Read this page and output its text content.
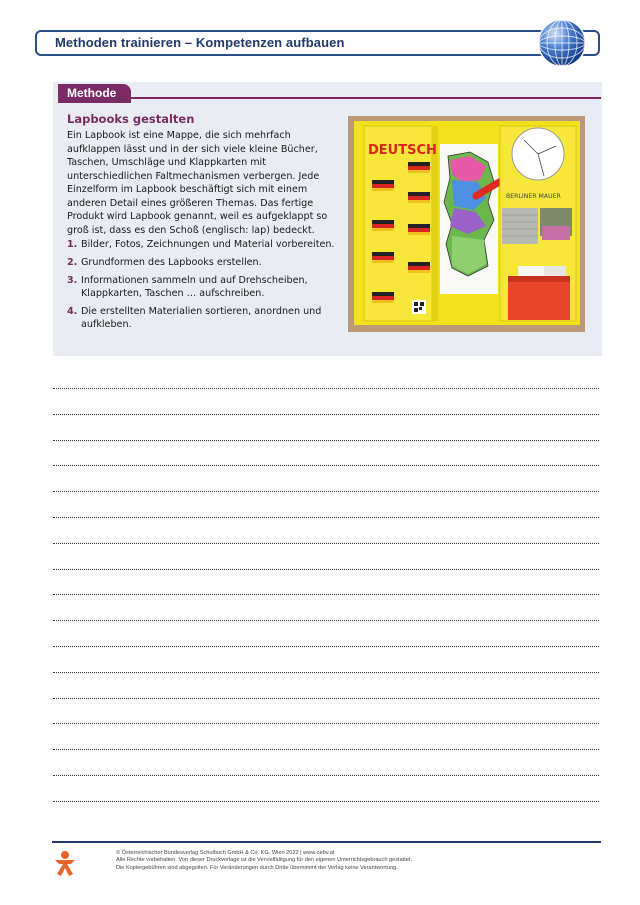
Methoden trainieren – Kompetenzen aufbauen
Methode
Lapbooks gestalten

Ein Lapbook ist eine Mappe, die sich mehrfach aufklappen lässt und in der sich viele kleine Bücher, Taschen, Umschläge und Klappkarten mit unterschiedlichen Faltmechanismen verbergen. Jede Einzelform im Lapbook beschäftigt sich mit einem anderen Detail eines größeren Themas. Das fertige Produkt wird Lapbook genannt, weil es aufgeklappt so groß ist, dass es den Schoß (englisch: lap) bedeckt.

1. Bilder, Fotos, Zeichnungen und Material vorbereiten.
2. Grundformen des Lapbooks erstellen.
3. Informationen sammeln und auf Drehscheiben, Klappkarten, Taschen … aufschreiben.
4. Die erstellten Materialien sortieren, anordnen und aufkleben.
DEUTSCH
BERLINER MAUER
© Österreichischer Bundesverlag Schulbuch GmbH & Co. KG, Wien 2022 | www.oebv.at
Alle Rechte vorbehalten. Von dieser Druckvorlage ist die Vervielfältigung für den eigenen Unterrichtsgebrauch gestattet.
Die Kopiergebühren sind abgegolten. Für Veränderungen durch Dritte übernimmt der Verlag keine Verantwortung.
